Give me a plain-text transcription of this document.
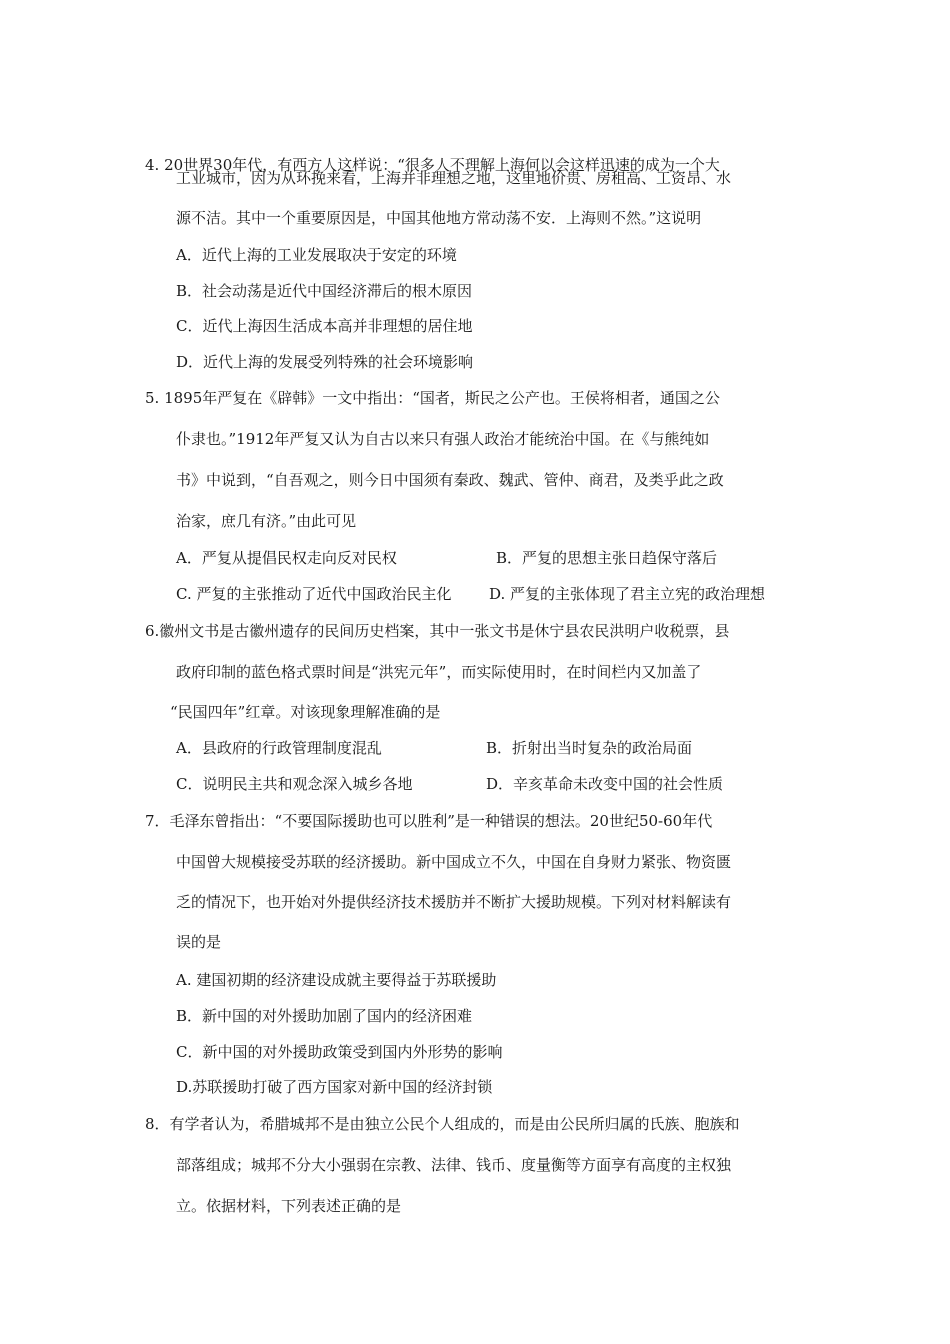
4. 20世界30年代，有西方人这样说：“很多人不理解上海何以会这样迅速的成为一个大
工业城市，因为从环挽来看，上海并非理想之地，这里地价贵、房租高、工资昂、水
源不洁。其中一个重要原因是，中国其他地方常动荡不安．上海则不然。”这说明
A．近代上海的工业发展取决于安定的环境
B．社会动荡是近代中国经济滞后的根木原因
C．近代上海因生活成本高并非理想的居住地
D．近代上海的发展受列特殊的社会环境影响
5. 1895年严复在《辟韩》一文中指出：“国者，斯民之公产也。王侯将相者，通国之公
仆隶也。”1912年严复又认为自古以来只有强人政治才能统治中国。在《与熊纯如
书》中说到，“自吾观之，则今日中国须有秦政、魏武、管仲、商君，及类乎此之政
治家，庶几有济。”由此可见
A．严复从提倡民权走向反对民权	B．严复的思想主张日趋保守落后
C. 严复的主张推动了近代中国政治民主化	D. 严复的主张体现了君主立宪的政治理想
6.徽州文书是古徽州遗存的民间历史档案，其中一张文书是休宁县农民洪明户收税票，县
政府印制的蓝色格式票时间是“洪宪元年”，而实际使用时，在时间栏内又加盖了
“民国四年”红章。对该现象理解准确的是
A．县政府的行政管理制度混乱	B．折射出当时复杂的政治局面
C．说明民主共和观念深入城乡各地	D．辛亥革命未改变中国的社会性质
7．毛泽东曾指出：“不要国际援助也可以胜利”是一种错误的想法。20世纪50-60年代
中国曾大规模接受苏联的经济援助。新中国成立不久，中国在自身财力紧张、物资匮
乏的情况下，也开始对外提供经济技术援肪并不断扩大援助规模。下列对材料解读有
误的是
A. 建国初期的经济建设成就主要得益于苏联援助
B．新中国的对外援助加剧了国内的经济困难
C．新中国的对外援助政策受到国内外形势的影响
D.苏联援助打破了西方国家对新中国的经济封锁
8．有学者认为，希腊城邦不是由独立公民个人组成的，而是由公民所归属的氏族、胞族和
部落组成；城邦不分大小强弱在宗教、法律、钱币、度量衡等方面享有高度的主权独
立。依据材料，下列表述正确的是
